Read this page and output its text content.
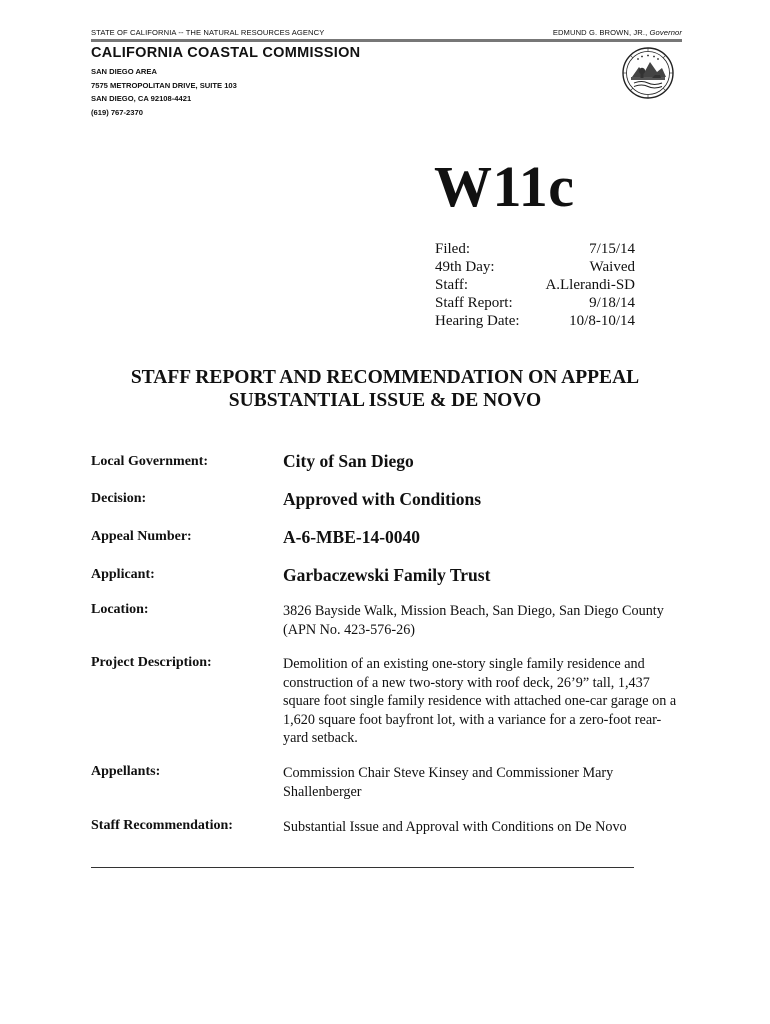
STATE OF CALIFORNIA -- THE NATURAL RESOURCES AGENCY	EDMUND G. BROWN, JR., Governor
CALIFORNIA COASTAL COMMISSION
SAN DIEGO AREA
7575 METROPOLITAN DRIVE, SUITE 103
SAN DIEGO, CA 92108-4421
(619) 767-2370
W11c
Filed:	7/15/14
49th Day:	Waived
Staff:	A.Llerandi-SD
Staff Report:	9/18/14
Hearing Date:	10/8-10/14
STAFF REPORT AND RECOMMENDATION ON APPEAL
SUBSTANTIAL ISSUE & DE NOVO
Local Government:	City of San Diego
Decision:	Approved with Conditions
Appeal Number:	A-6-MBE-14-0040
Applicant:	Garbaczewski Family Trust
Location:	3826 Bayside Walk, Mission Beach, San Diego, San Diego County (APN No. 423-576-26)
Project Description:	Demolition of an existing one-story single family residence and construction of a new two-story with roof deck, 26’9” tall, 1,437 square foot single family residence with attached one-car garage on a 1,620 square foot bayfront lot, with a variance for a zero-foot rear-yard setback.
Appellants:	Commission Chair Steve Kinsey and Commissioner Mary Shallenberger
Staff Recommendation:	Substantial Issue and Approval with Conditions on De Novo
